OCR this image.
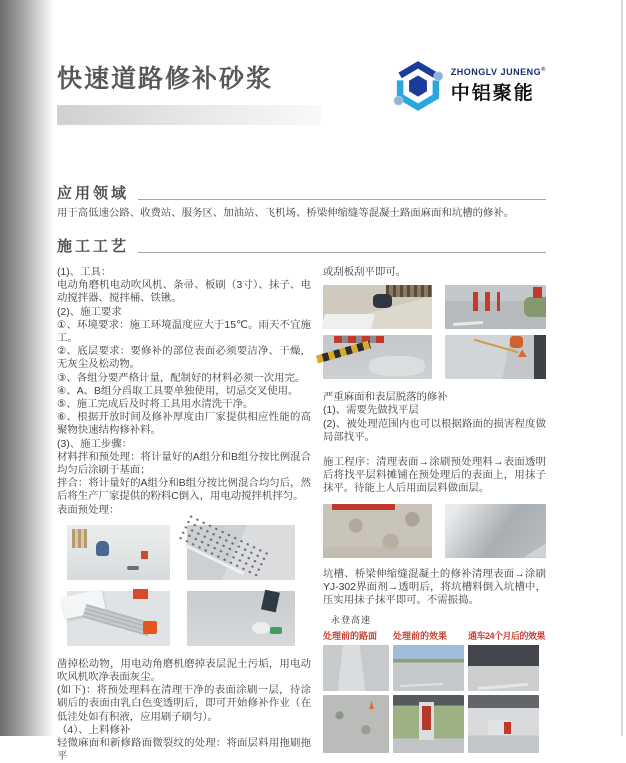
快速道路修补砂浆	ZHONGLV JUNENG®
中铝聚能
应用领域

用于高低速公路、收费站、服务区、加油站、飞机场、桥梁伸缩缝等混凝土路面麻面和坑槽的修补。

施工工艺

(1)、工具：

电动角磨机电动吹风机、条帚、板刷（3寸）、抹子、电动搅拌器、搅拌桶、铁锹。

(2)、施工要求

①、环境要求：施工环境温度应大于15℃。雨天不宜施工。

②、底层要求：要修补的部位表面必须要洁净、干燥，无灰尘及松动物。

③、各组分要严格计量，配制好的材料必须一次用完。

④、A、B组分舀取工具要单独使用，切忌交叉使用。

⑤、施工完成后及时将工具用水清洗干净。

⑥、根据开放时间及修补厚度由厂家提供相应性能的高聚物快速结构修补料。

(3)、施工步骤：

材料拌和预处理：将计量好的A组分和B组分按比例混合均匀后涂刷于基面；

拌合：将计量好的A组分和B组分按比例混合均匀后，然后将生产厂家提供的粉料C倒入，用电动搅拌机拌匀。

表面预处理：

凿掉松动物，用电动角磨机磨掉表层泥土污垢，用电动吹风机吹净表面灰尘。

(如下)：将预处理料在清理干净的表面涂刷一层，待涂刷后的表面由乳白色变透明后，即可开始修补作业（在低洼处如有积液，应用刷子刷匀）。

（4）、上料修补

轻微麻面和新修路面微裂纹的处理：将面层料用拖刷拖平

或刮板刮平即可。

严重麻面和表层脱落的修补

(1)、需要先做找平层

(2)、被处理范围内也可以根据路面的损害程度做局部找平。

施工程序：清理表面→涂刷预处理料→表面透明后将找平层料摊铺在预处理后的表面上，用抹子抹平。待能上人后用面层料做面层。

坑槽、桥梁伸缩缝混凝土的修补清理表面→涂刷YJ-302界面剂→透明后，将坑槽料倒入坑槽中，压实用抹子抹平即可。不需振捣。

永登高速
处理前的路面	处理前的效果	通车24个月后的效果
